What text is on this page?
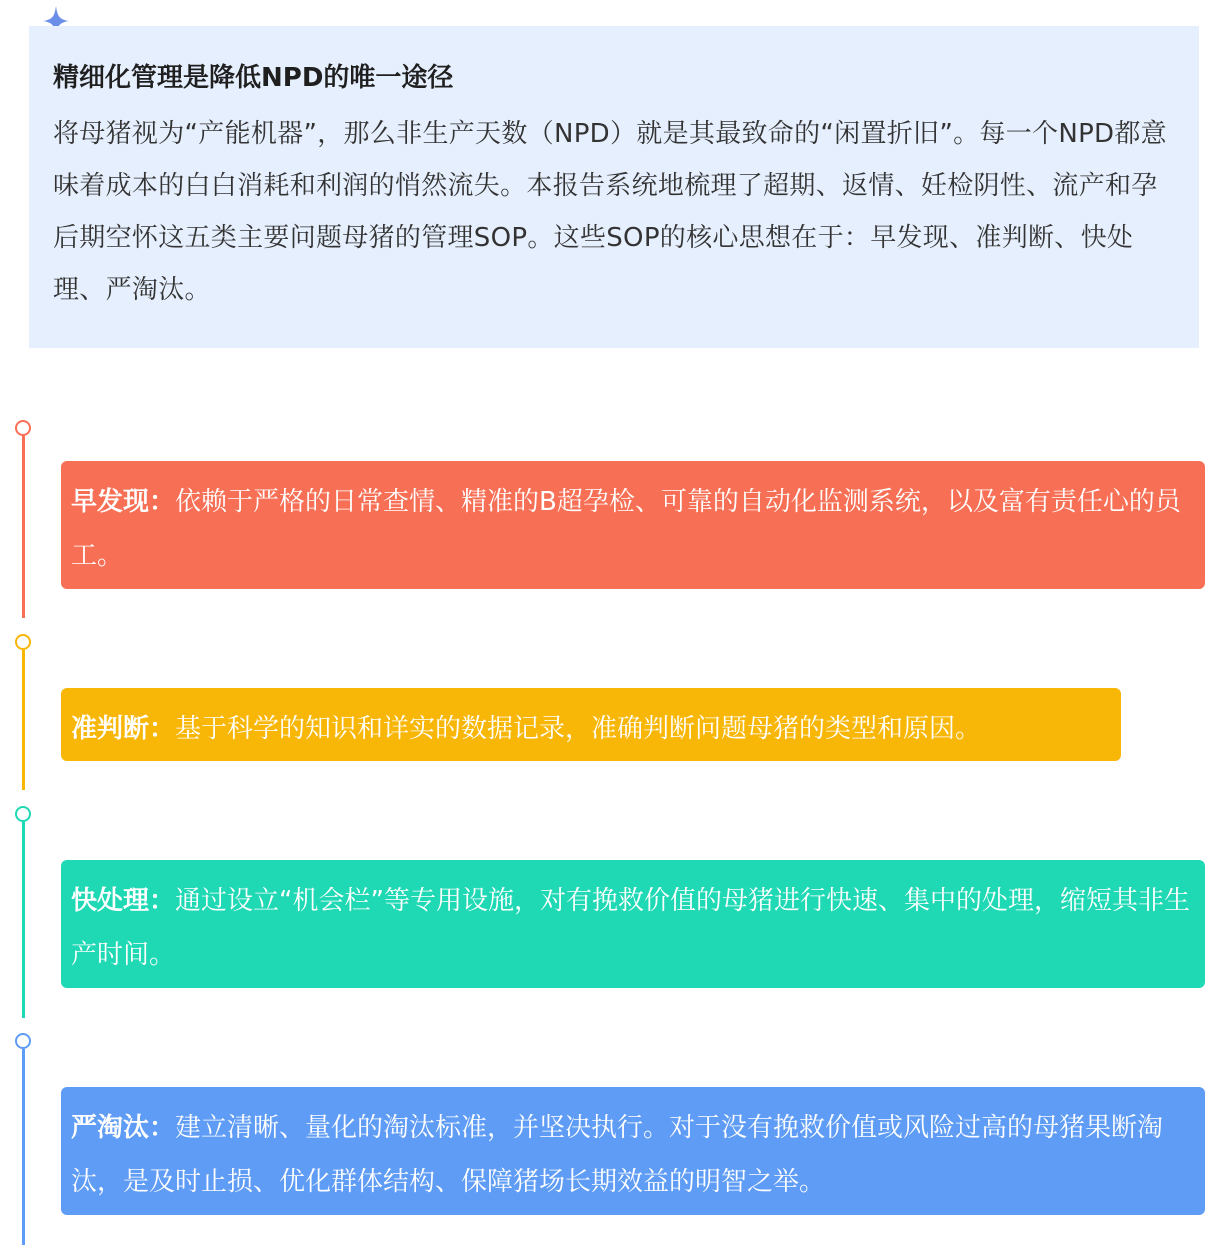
精细化管理是降低NPD的唯一途径

将母猪视为“产能机器”，那么非生产天数（NPD）就是其最致命的“闲置折旧”。每一个NPD都意味着成本的白白消耗和利润的悄然流失。本报告系统地梳理了超期、返情、妊检阴性、流产和孕后期空怀这五类主要问题母猪的管理SOP。这些SOP的核心思想在于：早发现、准判断、快处理、严淘汰。

早发现：依赖于严格的日常查情、精准的B超孕检、可靠的自动化监测系统，以及富有责任心的员工。
准判断：基于科学的知识和详实的数据记录，准确判断问题母猪的类型和原因。
快处理：通过设立“机会栏”等专用设施，对有挽救价值的母猪进行快速、集中的处理，缩短其非生产时间。
严淘汰：建立清晰、量化的淘汰标准，并坚决执行。对于没有挽救价值或风险过高的母猪果断淘汰，是及时止损、优化群体结构、保障猪场长期效益的明智之举。
